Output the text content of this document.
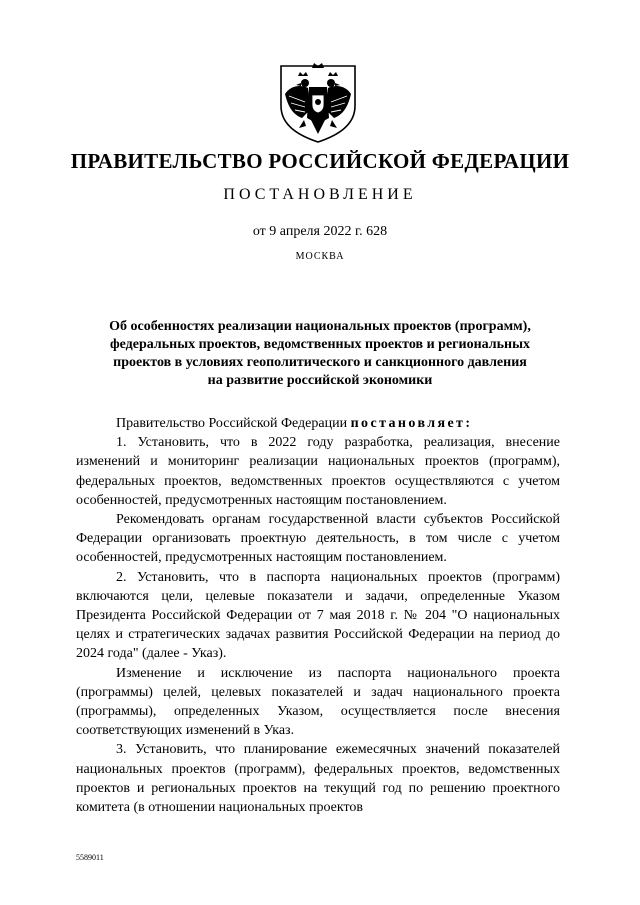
ПРАВИТЕЛЬСТВО РОССИЙСКОЙ ФЕДЕРАЦИИ
ПОСТАНОВЛЕНИЕ
от 9 апреля 2022 г. 628
МОСКВА
Об особенностях реализации национальных проектов (программ),
федеральных проектов, ведомственных проектов и региональных
проектов в условиях геополитического и санкционного давления
на развитие российской экономики

Правительство Российской Федерации постановляет:

1. Установить, что в 2022 году разработка, реализация, внесение изменений и мониторинг реализации национальных проектов (программ), федеральных проектов, ведомственных проектов осуществляются с учетом особенностей, предусмотренных настоящим постановлением.

Рекомендовать органам государственной власти субъектов Российской Федерации организовать проектную деятельность, в том числе с учетом особенностей, предусмотренных настоящим постановлением.

2. Установить, что в паспорта национальных проектов (программ) включаются цели, целевые показатели и задачи, определенные Указом Президента Российской Федерации от 7 мая 2018 г. № 204 "О национальных целях и стратегических задачах развития Российской Федерации на период до 2024 года" (далее - Указ).

Изменение и исключение из паспорта национального проекта (программы) целей, целевых показателей и задач национального проекта (программы), определенных Указом, осуществляется после внесения соответствующих изменений в Указ.

3. Установить, что планирование ежемесячных значений показателей национальных проектов (программ), федеральных проектов, ведомственных проектов и региональных проектов на текущий год по решению проектного комитета (в отношении национальных проектов

5589011
